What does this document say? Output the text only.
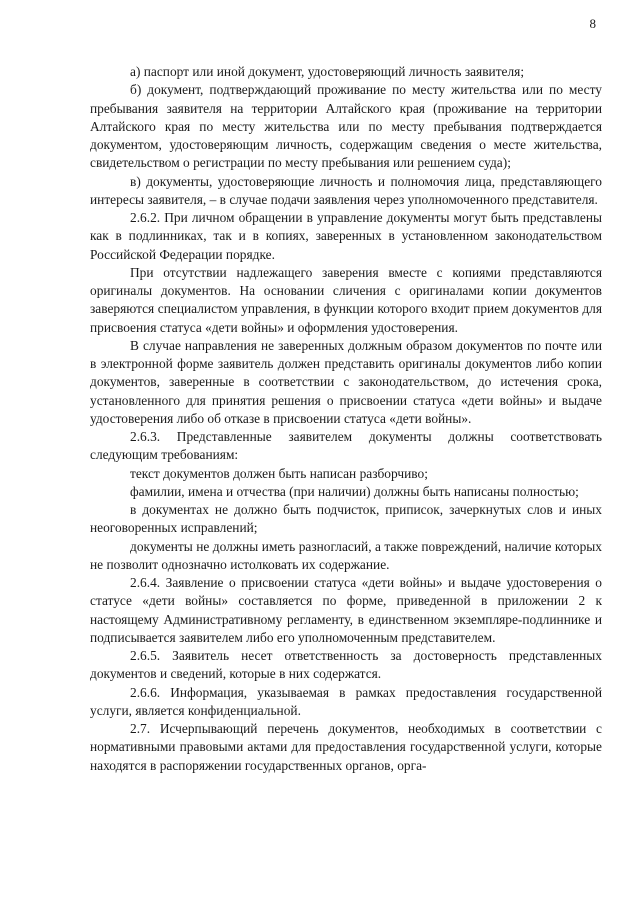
8

а) паспорт или иной документ, удостоверяющий личность заявителя;

б) документ, подтверждающий проживание по месту жительства или по месту пребывания заявителя на территории Алтайского края (проживание на территории Алтайского края по месту жительства или по месту пребывания подтверждается документом, удостоверяющим личность, содержащим сведения о месте жительства, свидетельством о регистрации по месту пребывания или решением суда);

в) документы, удостоверяющие личность и полномочия лица, представляющего интересы заявителя, – в случае подачи заявления через уполномоченного представителя.

2.6.2. При личном обращении в управление документы могут быть представлены как в подлинниках, так и в копиях, заверенных в установленном законодательством Российской Федерации порядке.

При отсутствии надлежащего заверения вместе с копиями представляются оригиналы документов. На основании сличения с оригиналами копии документов заверяются специалистом управления, в функции которого входит прием документов для присвоения статуса «дети войны» и оформления удостоверения.

В случае направления не заверенных должным образом документов по почте или в электронной форме заявитель должен представить оригиналы документов либо копии документов, заверенные в соответствии с законодательством, до истечения срока, установленного для принятия решения о присвоении статуса «дети войны» и выдаче удостоверения либо об отказе в присвоении статуса «дети войны».

2.6.3. Представленные заявителем документы должны соответствовать следующим требованиям:

текст документов должен быть написан разборчиво;

фамилии, имена и отчества (при наличии) должны быть написаны полностью;

в документах не должно быть подчисток, приписок, зачеркнутых слов и иных неоговоренных исправлений;

документы не должны иметь разногласий, а также повреждений, наличие которых не позволит однозначно истолковать их содержание.

2.6.4. Заявление о присвоении статуса «дети войны» и выдаче удостоверения о статусе «дети войны» составляется по форме, приведенной в приложении 2 к настоящему Административному регламенту, в единственном экземпляре-подлиннике и подписывается заявителем либо его уполномоченным представителем.

2.6.5. Заявитель несет ответственность за достоверность представленных документов и сведений, которые в них содержатся.

2.6.6. Информация, указываемая в рамках предоставления государственной услуги, является конфиденциальной.

2.7. Исчерпывающий перечень документов, необходимых в соответствии с нормативными правовыми актами для предоставления государственной услуги, которые находятся в распоряжении государственных органов, орга-
